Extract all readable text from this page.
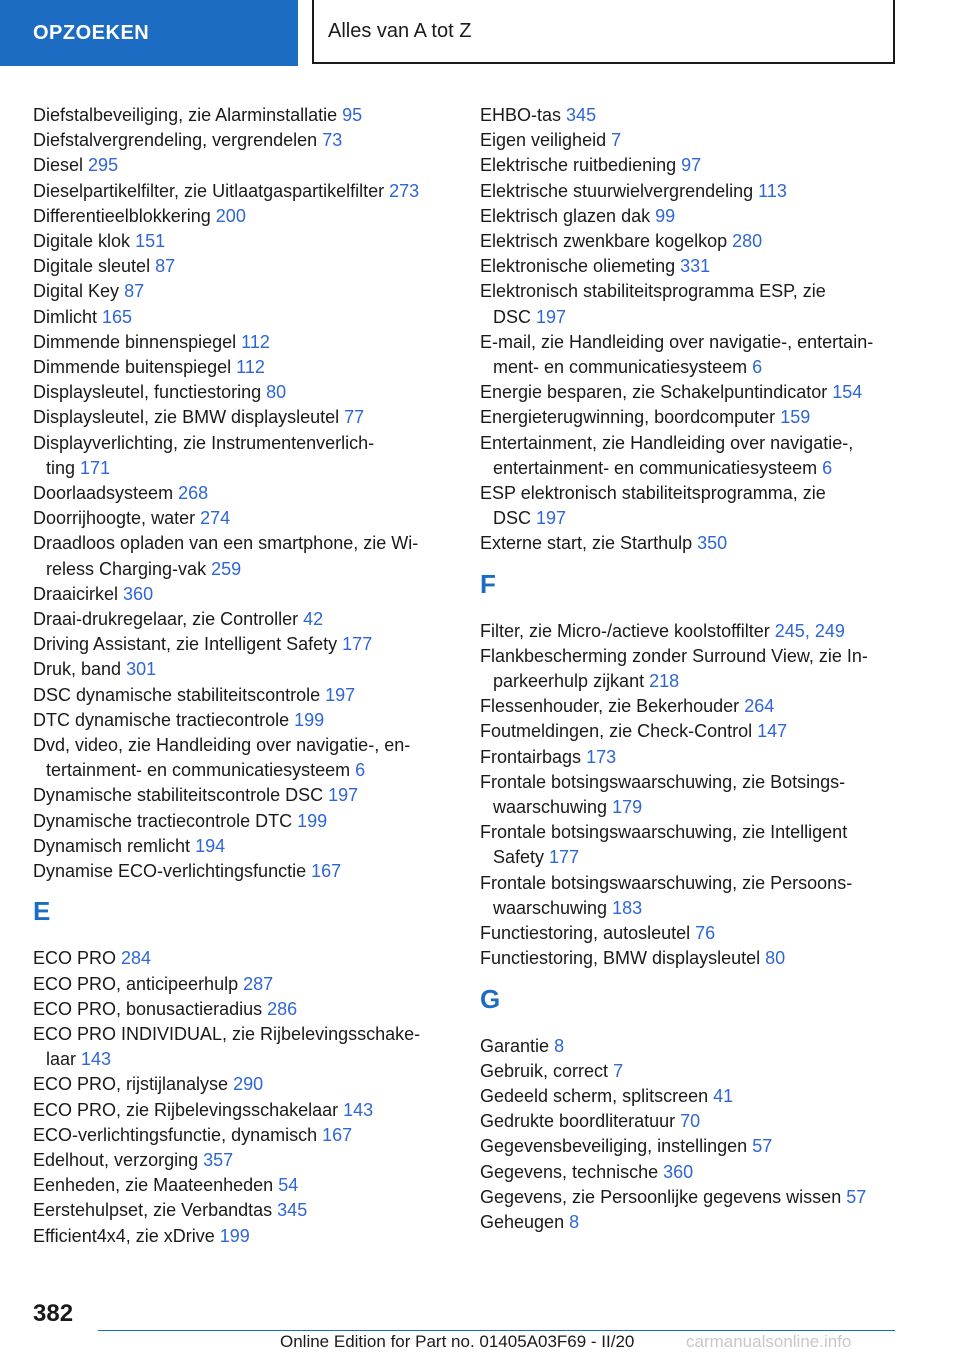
OPZOEKEN	Alles van A tot Z
Diefstalbeveiliging, zie Alarminstallatie 95
Diefstalvergrendeling, vergrendelen 73
Diesel 295
Dieselpartikelfilter, zie Uitlaatgaspartikelfilter 273
Differentieelblokkering 200
Digitale klok 151
Digitale sleutel 87
Digital Key 87
Dimlicht 165
Dimmende binnenspiegel 112
Dimmende buitenspiegel 112
Displaysleutel, functiestoring 80
Displaysleutel, zie BMW displaysleutel 77
Displayverlichting, zie Instrumentenverlich-
ting 171
Doorlaadsysteem 268
Doorrijhoogte, water 274
Draadloos opladen van een smartphone, zie Wi-
reless Charging-vak 259
Draaicirkel 360
Draai-drukregelaar, zie Controller 42
Driving Assistant, zie Intelligent Safety 177
Druk, band 301
DSC dynamische stabiliteitscontrole 197
DTC dynamische tractiecontrole 199
Dvd, video, zie Handleiding over navigatie-, en-
tertainment- en communicatiesysteem 6
Dynamische stabiliteitscontrole DSC 197
Dynamische tractiecontrole DTC 199
Dynamisch remlicht 194
Dynamise ECO-verlichtingsfunctie 167
E
ECO PRO 284
ECO PRO, anticipeerhulp 287
ECO PRO, bonusactieradius 286
ECO PRO INDIVIDUAL, zie Rijbelevingsschake-
laar 143
ECO PRO, rijstijlanalyse 290
ECO PRO, zie Rijbelevingsschakelaar 143
ECO-verlichtingsfunctie, dynamisch 167
Edelhout, verzorging 357
Eenheden, zie Maateenheden 54
Eerstehulpset, zie Verbandtas 345
Efficient4x4, zie xDrive 199
EHBO-tas 345
Eigen veiligheid 7
Elektrische ruitbediening 97
Elektrische stuurwielvergrendeling 113
Elektrisch glazen dak 99
Elektrisch zwenkbare kogelkop 280
Elektronische oliemeting 331
Elektronisch stabiliteitsprogramma ESP, zie
DSC 197
E-mail, zie Handleiding over navigatie-, entertain-
ment- en communicatiesysteem 6
Energie besparen, zie Schakelpuntindicator 154
Energieterugwinning, boordcomputer 159
Entertainment, zie Handleiding over navigatie-,
entertainment- en communicatiesysteem 6
ESP elektronisch stabiliteitsprogramma, zie
DSC 197
Externe start, zie Starthulp 350
F
Filter, zie Micro-/actieve koolstoffilter 245, 249
Flankbescherming zonder Surround View, zie In-
parkeerhulp zijkant 218
Flessenhouder, zie Bekerhouder 264
Foutmeldingen, zie Check-Control 147
Frontairbags 173
Frontale botsingswaarschuwing, zie Botsings-
waarschuwing 179
Frontale botsingswaarschuwing, zie Intelligent
Safety 177
Frontale botsingswaarschuwing, zie Persoons-
waarschuwing 183
Functiestoring, autosleutel 76
Functiestoring, BMW displaysleutel 80
G
Garantie 8
Gebruik, correct 7
Gedeeld scherm, splitscreen 41
Gedrukte boordliteratuur 70
Gegevensbeveiliging, instellingen 57
Gegevens, technische 360
Gegevens, zie Persoonlijke gegevens wissen 57
Geheugen 8
382
Online Edition for Part no. 01405A03F69 - II/20	carmanualsonline.info
